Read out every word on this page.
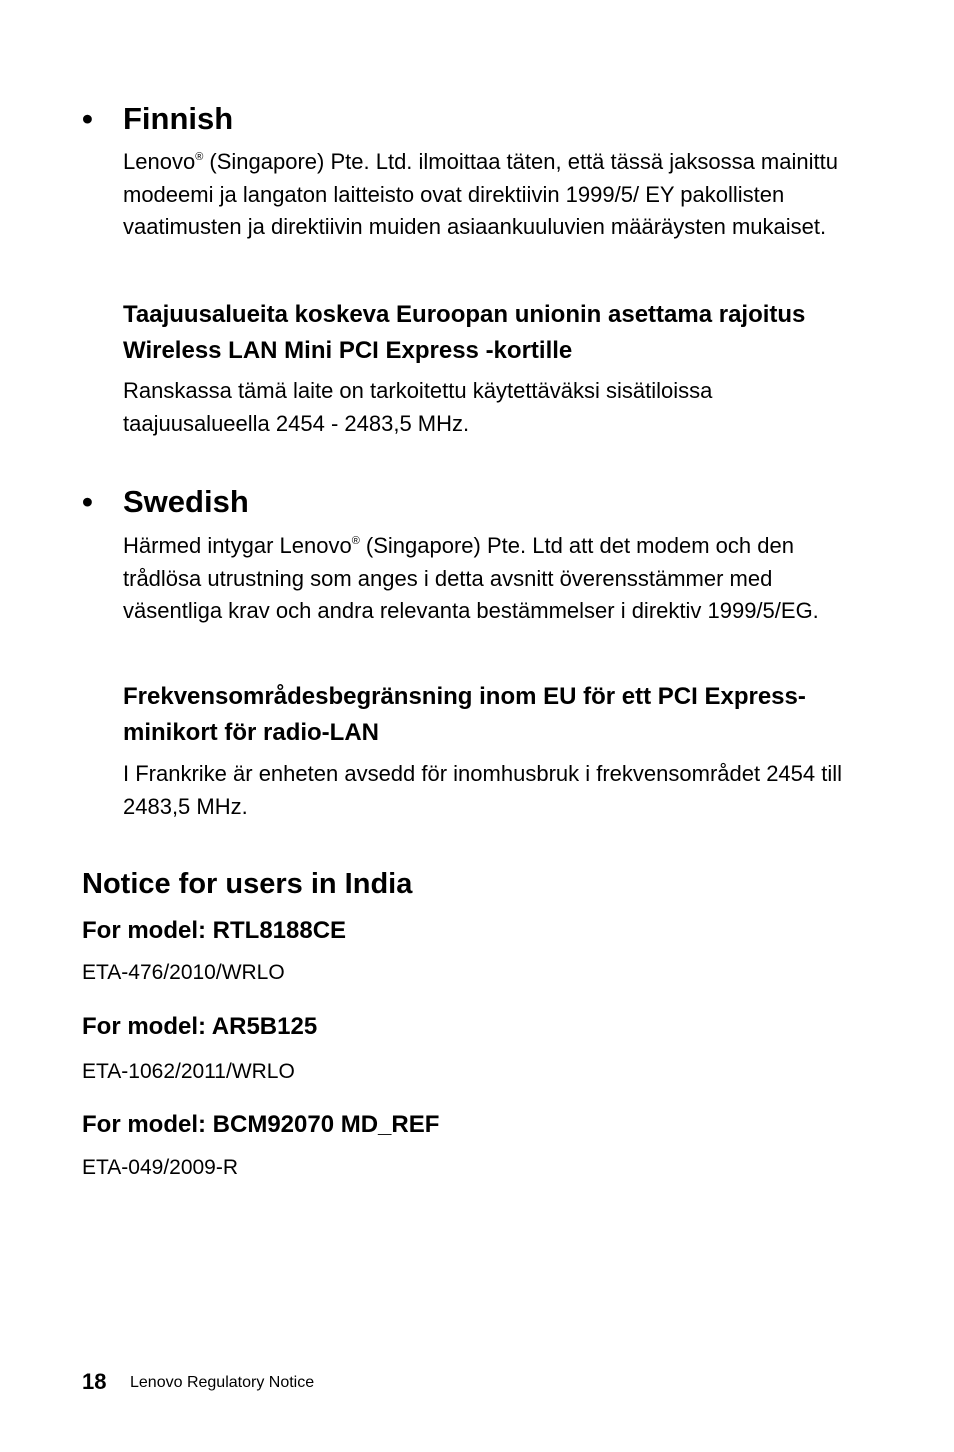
• Finnish

Lenovo® (Singapore) Pte. Ltd. ilmoittaa täten, että tässä jaksossa mainittu modeemi ja langaton laitteisto ovat direktiivin 1999/5/ EY pakollisten vaatimusten ja direktiivin muiden asiaankuuluvien määräysten mukaiset.

Taajuusalueita koskeva Euroopan unionin asettama rajoitus Wireless LAN Mini PCI Express -kortille

Ranskassa tämä laite on tarkoitettu käytettäväksi sisätiloissa taajuusalueella 2454 - 2483,5 MHz.

• Swedish

Härmed intygar Lenovo® (Singapore) Pte. Ltd att det modem och den trådlösa utrustning som anges i detta avsnitt överensstämmer med väsentliga krav och andra relevanta bestämmelser i direktiv 1999/5/EG.

Frekvensområdesbegränsning inom EU för ett PCI Express-minikort för radio-LAN

I Frankrike är enheten avsedd för inomhusbruk i frekvensområdet 2454 till 2483,5 MHz.

Notice for users in India
For model: RTL8188CE

ETA-476/2010/WRLO

For model: AR5B125

ETA-1062/2011/WRLO

For model: BCM92070 MD_REF

ETA-049/2009-R

18 Lenovo Regulatory Notice
